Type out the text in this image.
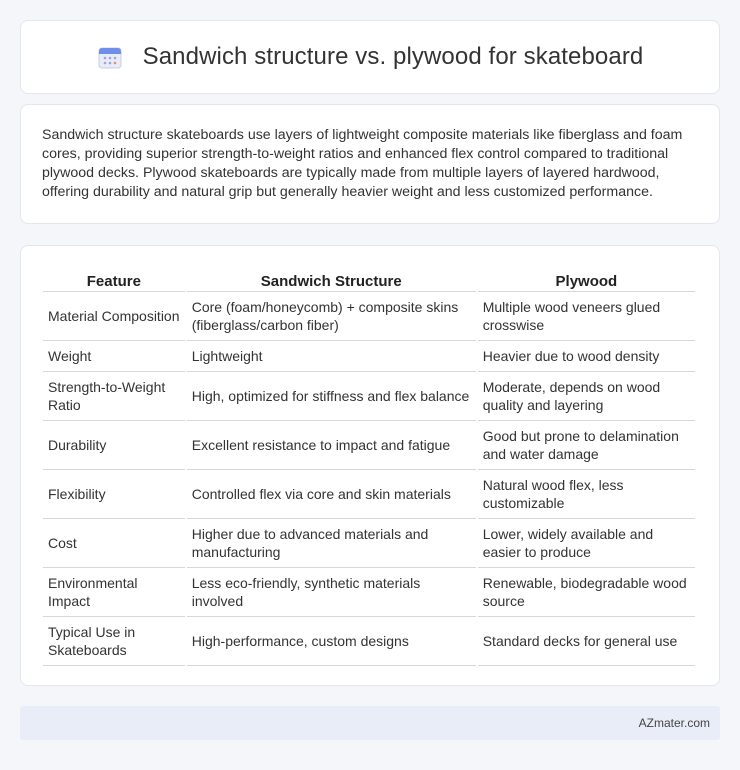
Sandwich structure vs. plywood for skateboard

Sandwich structure skateboards use layers of lightweight composite materials like fiberglass and foam cores, providing superior strength-to-weight ratios and enhanced flex control compared to traditional plywood decks. Plywood skateboards are typically made from multiple layers of layered hardwood, offering durability and natural grip but generally heavier weight and less customized performance.

Feature	Sandwich Structure	Plywood
Material Composition	Core (foam/honeycomb) + composite skins (fiberglass/carbon fiber)	Multiple wood veneers glued crosswise
Weight	Lightweight	Heavier due to wood density
Strength-to-Weight Ratio	High, optimized for stiffness and flex balance	Moderate, depends on wood quality and layering
Durability	Excellent resistance to impact and fatigue	Good but prone to delamination and water damage
Flexibility	Controlled flex via core and skin materials	Natural wood flex, less customizable
Cost	Higher due to advanced materials and manufacturing	Lower, widely available and easier to produce
Environmental Impact	Less eco-friendly, synthetic materials involved	Renewable, biodegradable wood source
Typical Use in Skateboards	High-performance, custom designs	Standard decks for general use
AZmater.com
